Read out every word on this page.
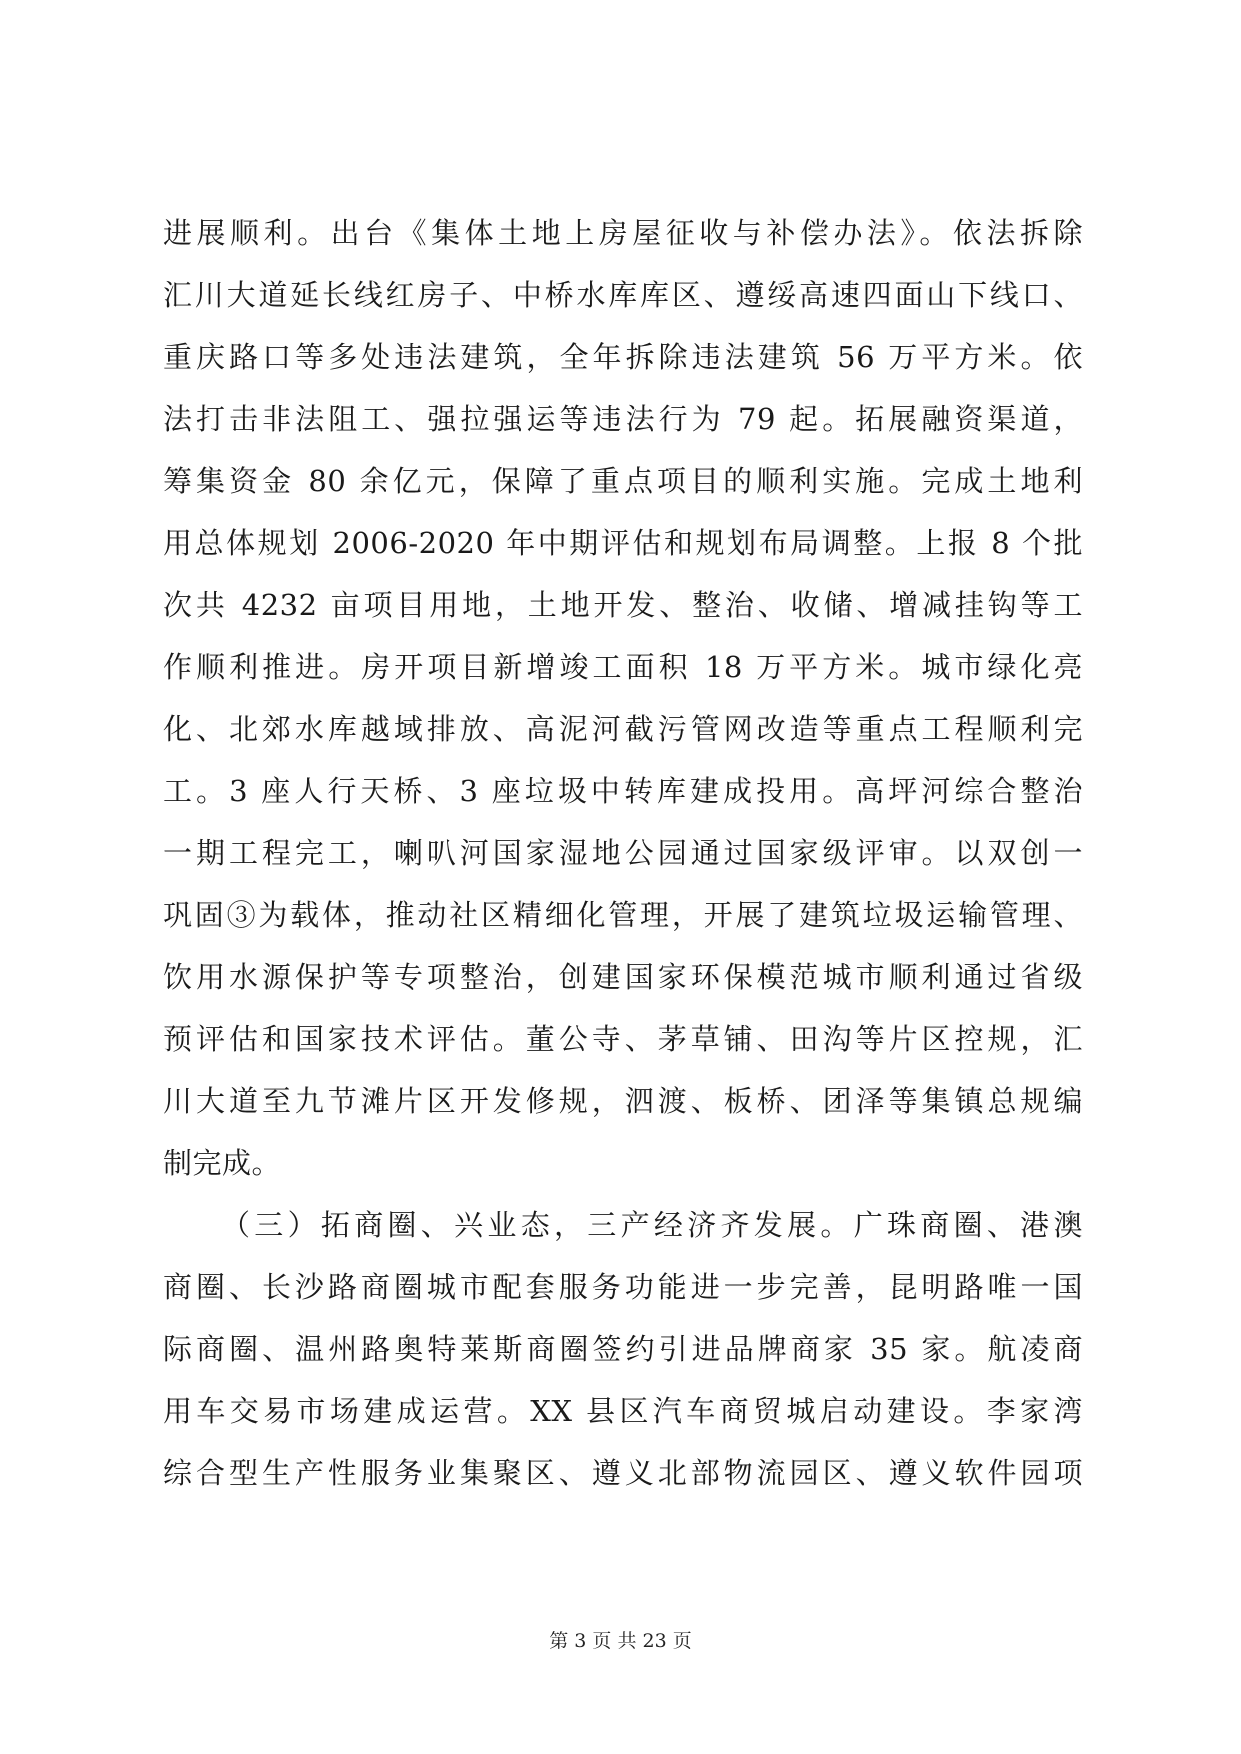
进展顺利。出台《集体土地上房屋征收与补偿办法》。依法拆除
汇川大道延长线红房子、中桥水库库区、遵绥高速四面山下线口、
重庆路口等多处违法建筑，全年拆除违法建筑 56 万平方米。依
法打击非法阻工、强拉强运等违法行为 79 起。拓展融资渠道，
筹集资金 80 余亿元，保障了重点项目的顺利实施。完成土地利
用总体规划 2006-2020 年中期评估和规划布局调整。上报 8 个批
次共 4232 亩项目用地，土地开发、整治、收储、增减挂钩等工
作顺利推进。房开项目新增竣工面积 18 万平方米。城市绿化亮
化、北郊水库越域排放、高泥河截污管网改造等重点工程顺利完
工。3 座人行天桥、3 座垃圾中转库建成投用。高坪河综合整治
一期工程完工，喇叭河国家湿地公园通过国家级评审。以双创一
巩固③为载体，推动社区精细化管理，开展了建筑垃圾运输管理、
饮用水源保护等专项整治，创建国家环保模范城市顺利通过省级
预评估和国家技术评估。董公寺、茅草铺、田沟等片区控规，汇
川大道至九节滩片区开发修规，泗渡、板桥、团泽等集镇总规编
制完成。
（三）拓商圈、兴业态，三产经济齐发展。广珠商圈、港澳
商圈、长沙路商圈城市配套服务功能进一步完善，昆明路唯一国
际商圈、温州路奥特莱斯商圈签约引进品牌商家 35 家。航凌商
用车交易市场建成运营。XX 县区汽车商贸城启动建设。李家湾
综合型生产性服务业集聚区、遵义北部物流园区、遵义软件园项
第 3 页 共 23 页
